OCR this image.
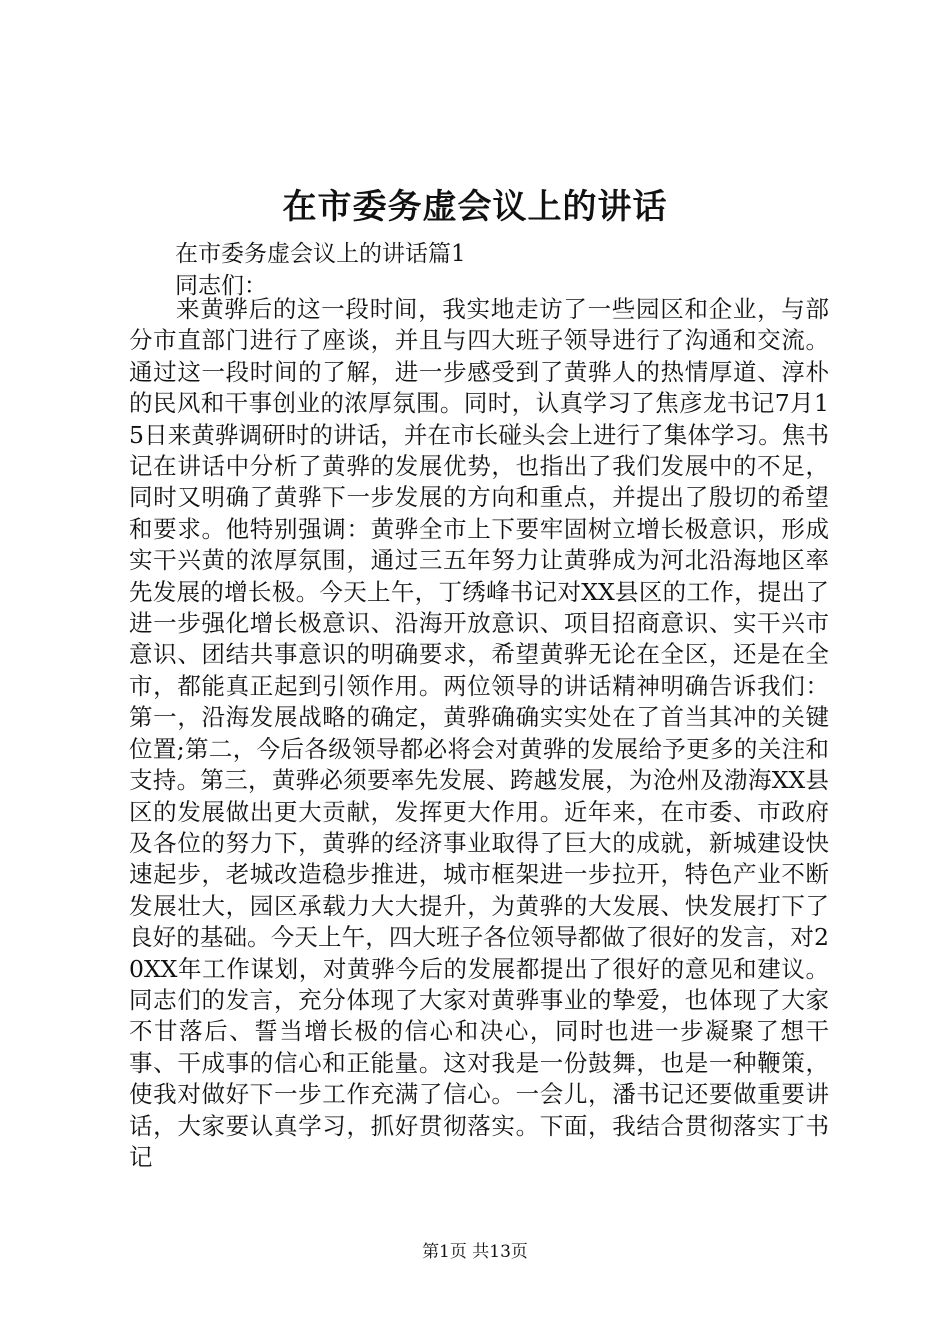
在市委务虚会议上的讲话
在市委务虚会议上的讲话篇1
同志们：
来黄骅后的这一段时间，我实地走访了一些园区和企业，与部分市直部门进行了座谈，并且与四大班子领导进行了沟通和交流。通过这一段时间的了解，进一步感受到了黄骅人的热情厚道、淳朴的民风和干事创业的浓厚氛围。同时，认真学习了焦彦龙书记7月15日来黄骅调研时的讲话，并在市长碰头会上进行了集体学习。焦书记在讲话中分析了黄骅的发展优势，也指出了我们发展中的不足，同时又明确了黄骅下一步发展的方向和重点，并提出了殷切的希望和要求。他特别强调：黄骅全市上下要牢固树立增长极意识，形成实干兴黄的浓厚氛围，通过三五年努力让黄骅成为河北沿海地区率先发展的增长极。今天上午，丁绣峰书记对XX县区的工作，提出了进一步强化增长极意识、沿海开放意识、项目招商意识、实干兴市意识、团结共事意识的明确要求，希望黄骅无论在全区，还是在全市，都能真正起到引领作用。两位领导的讲话精神明确告诉我们：第一，沿海发展战略的确定，黄骅确确实实处在了首当其冲的关键位置;第二，今后各级领导都必将会对黄骅的发展给予更多的关注和支持。第三，黄骅必须要率先发展、跨越发展，为沧州及渤海XX县区的发展做出更大贡献，发挥更大作用。近年来，在市委、市政府及各位的努力下，黄骅的经济事业取得了巨大的成就，新城建设快速起步，老城改造稳步推进，城市框架进一步拉开，特色产业不断发展壮大，园区承载力大大提升，为黄骅的大发展、快发展打下了良好的基础。今天上午，四大班子各位领导都做了很好的发言，对20XX年工作谋划，对黄骅今后的发展都提出了很好的意见和建议。同志们的发言，充分体现了大家对黄骅事业的挚爱，也体现了大家不甘落后、誓当增长极的信心和决心，同时也进一步凝聚了想干事、干成事的信心和正能量。这对我是一份鼓舞，也是一种鞭策，使我对做好下一步工作充满了信心。一会儿，潘书记还要做重要讲话，大家要认真学习，抓好贯彻落实。下面，我结合贯彻落实丁书记
第1页 共13页
